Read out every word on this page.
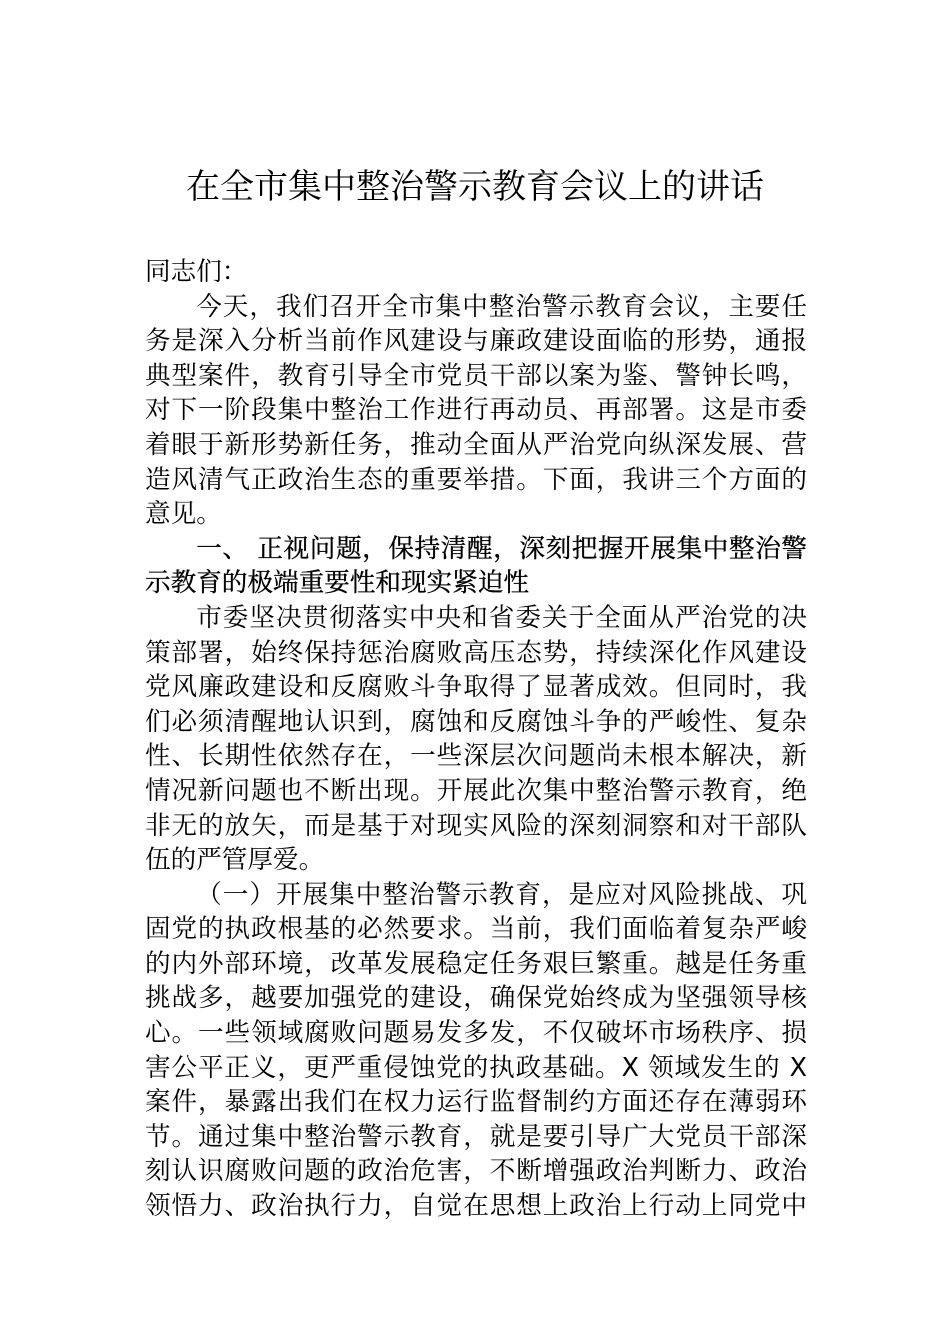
在全市集中整治警示教育会议上的讲话

同志们：

今天，我们召开全市集中整治警示教育会议，主要任
务是深入分析当前作风建设与廉政建设面临的形势，通报
典型案件，教育引导全市党员干部以案为鉴、警钟长鸣，
对下一阶段集中整治工作进行再动员、再部署。这是市委
着眼于新形势新任务，推动全面从严治党向纵深发展、营
造风清气正政治生态的重要举措。下面，我讲三个方面的
意见。
一、 正视问题，保持清醒，深刻把握开展集中整治警
示教育的极端重要性和现实紧迫性
市委坚决贯彻落实中央和省委关于全面从严治党的决
策部署，始终保持惩治腐败高压态势，持续深化作风建设
党风廉政建设和反腐败斗争取得了显著成效。但同时，我
们必须清醒地认识到，腐蚀和反腐蚀斗争的严峻性、复杂
性、长期性依然存在，一些深层次问题尚未根本解决，新
情况新问题也不断出现。开展此次集中整治警示教育，绝
非无的放矢，而是基于对现实风险的深刻洞察和对干部队
伍的严管厚爱。
（一）开展集中整治警示教育，是应对风险挑战、巩
固党的执政根基的必然要求。当前，我们面临着复杂严峻
的内外部环境，改革发展稳定任务艰巨繁重。越是任务重
挑战多，越要加强党的建设，确保党始终成为坚强领导核
心。一些领域腐败问题易发多发，不仅破坏市场秩序、损
害公平正义，更严重侵蚀党的执政基础。X 领域发生的 X
案件，暴露出我们在权力运行监督制约方面还存在薄弱环
节。通过集中整治警示教育，就是要引导广大党员干部深
刻认识腐败问题的政治危害，不断增强政治判断力、政治
领悟力、政治执行力，自觉在思想上政治上行动上同党中
